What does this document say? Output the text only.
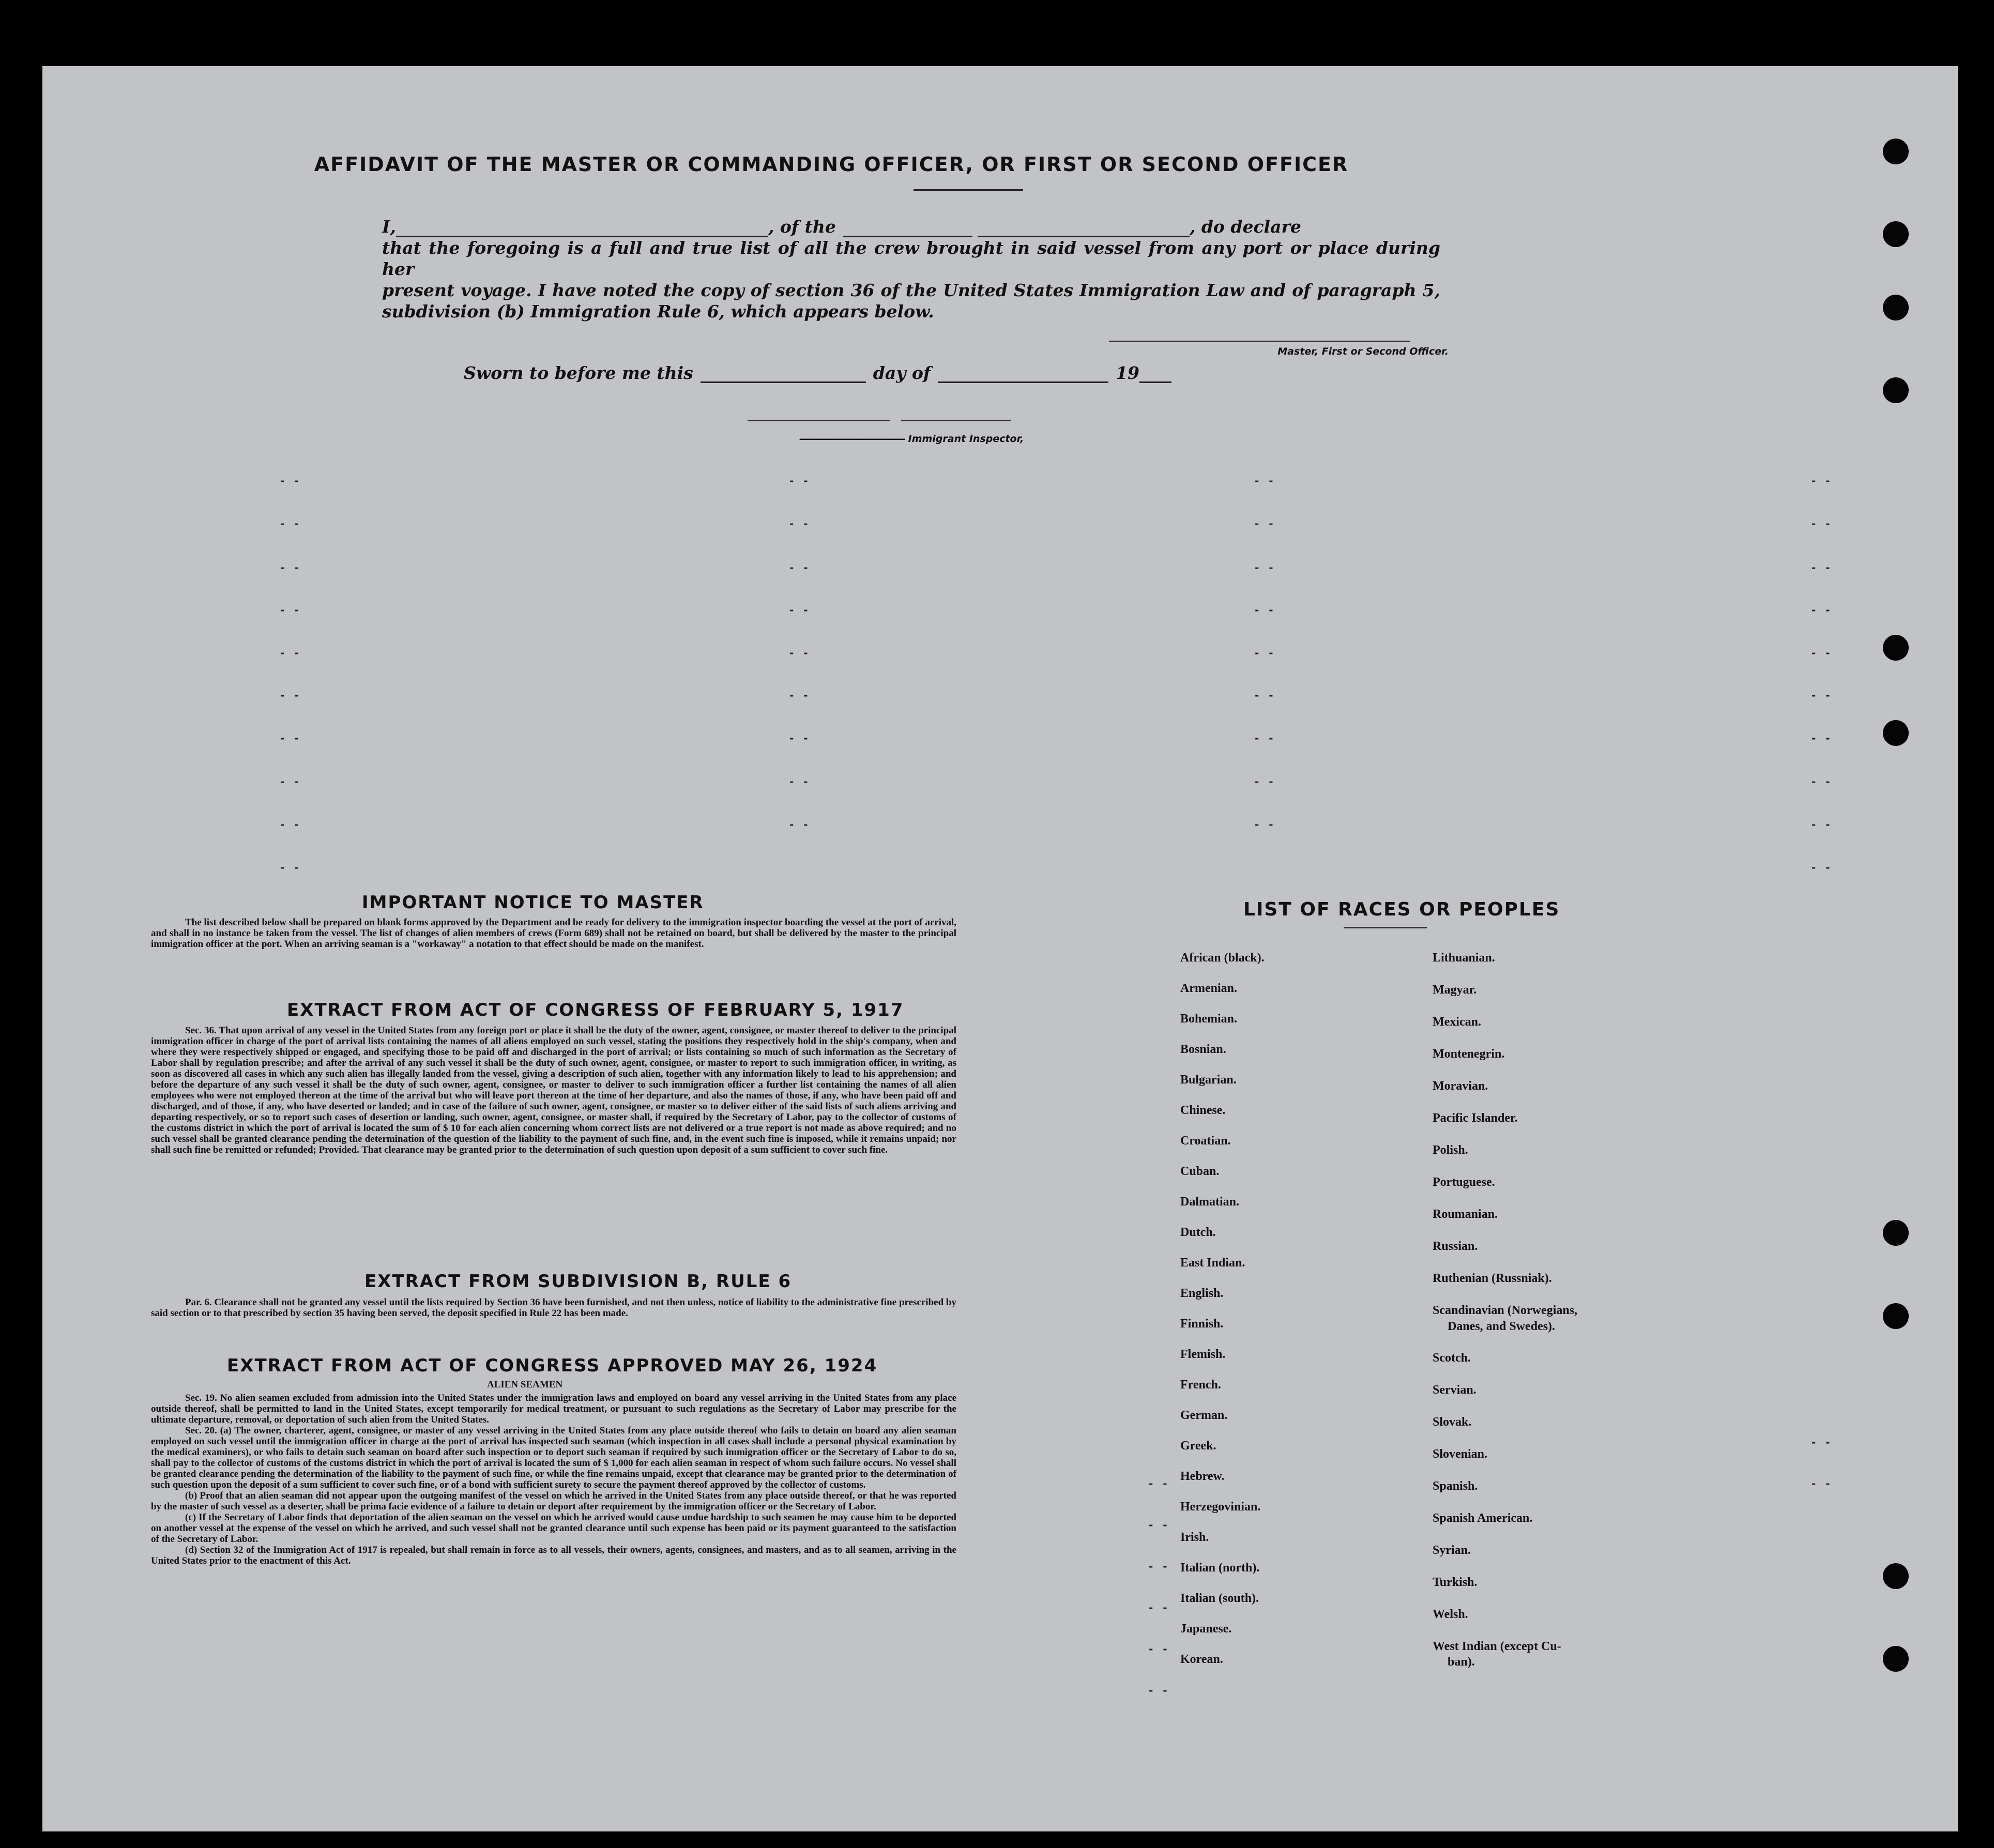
AFFIDAVIT OF THE MASTER OR COMMANDING OFFICER, OR FIRST OR SECOND OFFICER
I,	, of the	, do declare
that the foregoing is a full and true list of all the crew brought in said vessel from any port or place during her
present voyage. I have noted the copy of section 36 of the United States Immigration Law and of paragraph 5,
subdivision (b) Immigration Rule 6, which appears below.
Master, First or Second Officer.
Sworn to before me this	day of	19
———————————— Immigrant Inspector,
- -
- -
- -
- -
- -
- -
- -
- -
- -
- -
- -
- -
- -
- -
- -
- -
- -
- -
- -
- -
- -
- -
- -
- -
- -
- -
- -
- -
- -
- -
- -
- -
- -
- -
- -
- -
- -
- -
- -
- -
- -
- -
- -
- -
- -
- -
IMPORTANT NOTICE TO MASTER

The list described below shall be prepared on blank forms approved by the Department and be ready for delivery to the immigration inspector boarding the vessel at the port of arrival, and shall in no instance be taken from the vessel. The list of changes of alien members of crews (Form 689) shall not be retained on board, but shall be delivered by the master to the principal immigration officer at the port. When an arriving seaman is a "workaway" a notation to that effect should be made on the manifest.

EXTRACT FROM ACT OF CONGRESS OF FEBRUARY 5, 1917

Sec. 36. That upon arrival of any vessel in the United States from any foreign port or place it shall be the duty of the owner, agent, consignee, or master thereof to deliver to the principal immigration officer in charge of the port of arrival lists containing the names of all aliens employed on such vessel, stating the positions they respectively hold in the ship's company, when and where they were respectively shipped or engaged, and specifying those to be paid off and discharged in the port of arrival; or lists containing so much of such information as the Secretary of Labor shall by regulation prescribe; and after the arrival of any such vessel it shall be the duty of such owner, agent, consignee, or master to report to such immigration officer, in writing, as soon as discovered all cases in which any such alien has illegally landed from the vessel, giving a description of such alien, together with any information likely to lead to his apprehension; and before the departure of any such vessel it shall be the duty of such owner, agent, consignee, or master to deliver to such immigration officer a further list containing the names of all alien employees who were not employed thereon at the time of the arrival but who will leave port thereon at the time of her departure, and also the names of those, if any, who have been paid off and discharged, and of those, if any, who have deserted or landed; and in case of the failure of such owner, agent, consignee, or master so to deliver either of the said lists of such aliens arriving and departing respectively, or so to report such cases of desertion or landing, such owner, agent, consignee, or master shall, if required by the Secretary of Labor, pay to the collector of customs of the customs district in which the port of arrival is located the sum of $ 10 for each alien concerning whom correct lists are not delivered or a true report is not made as above required; and no such vessel shall be granted clearance pending the determination of the question of the liability to the payment of such fine, and, in the event such fine is imposed, while it remains unpaid; nor shall such fine be remitted or refunded; Provided. That clearance may be granted prior to the determination of such question upon deposit of a sum sufficient to cover such fine.

EXTRACT FROM SUBDIVISION B, RULE 6

Par. 6. Clearance shall not be granted any vessel until the lists required by Section 36 have been furnished, and not then unless, notice of liability to the administrative fine prescribed by said section or to that prescribed by section 35 having been served, the deposit specified in Rule 22 has been made.

EXTRACT FROM ACT OF CONGRESS APPROVED MAY 26, 1924
ALIEN SEAMEN

Sec. 19. No alien seamen excluded from admission into the United States under the immigration laws and employed on board any vessel arriving in the United States from any place outside thereof, shall be permitted to land in the United States, except temporarily for medical treatment, or pursuant to such regulations as the Secretary of Labor may prescribe for the ultimate departure, removal, or deportation of such alien from the United States.

Sec. 20. (a) The owner, charterer, agent, consignee, or master of any vessel arriving in the United States from any place outside thereof who fails to detain on board any alien seaman employed on such vessel until the immigration officer in charge at the port of arrival has inspected such seaman (which inspection in all cases shall include a personal physical examination by the medical examiners), or who fails to detain such seaman on board after such inspection or to deport such seaman if required by such immigration officer or the Secretary of Labor to do so, shall pay to the collector of customs of the customs district in which the port of arrival is located the sum of $ 1,000 for each alien seaman in respect of whom such failure occurs. No vessel shall be granted clearance pending the determination of the liability to the payment of such fine, or while the fine remains unpaid, except that clearance may be granted prior to the determination of such question upon the deposit of a sum sufficient to cover such fine, or of a bond with sufficient surety to secure the payment thereof approved by the collector of customs.

(b) Proof that an alien seaman did not appear upon the outgoing manifest of the vessel on which he arrived in the United States from any place outside thereof, or that he was reported by the master of such vessel as a deserter, shall be prima facie evidence of a failure to detain or deport after requirement by the immigration officer or the Secretary of Labor.

(c) If the Secretary of Labor finds that deportation of the alien seaman on the vessel on which he arrived would cause undue hardship to such seamen he may cause him to be deported on another vessel at the expense of the vessel on which he arrived, and such vessel shall not be granted clearance until such expense has been paid or its payment guaranteed to the satisfaction of the Secretary of Labor.

(d) Section 32 of the Immigration Act of 1917 is repealed, but shall remain in force as to all vessels, their owners, agents, consignees, and masters, and as to all seamen, arriving in the United States prior to the enactment of this Act.

LIST OF RACES OR PEOPLES
African (black).
Armenian.
Bohemian.
Bosnian.
Bulgarian.
Chinese.
Croatian.
Cuban.
Dalmatian.
Dutch.
East Indian.
English.
Finnish.
Flemish.
French.
German.
Greek.
Hebrew.
Herzegovinian.
Irish.
Italian (north).
Italian (south).
Japanese.
Korean.
Lithuanian.
Magyar.
Mexican.
Montenegrin.
Moravian.
Pacific Islander.
Polish.
Portuguese.
Roumanian.
Russian.
Ruthenian (Russniak).
Scandinavian (Norwegians,
Danes, and Swedes).
Scotch.
Servian.
Slovak.
Slovenian.
Spanish.
Spanish American.
Syrian.
Turkish.
Welsh.
West Indian (except Cu-
ban).
